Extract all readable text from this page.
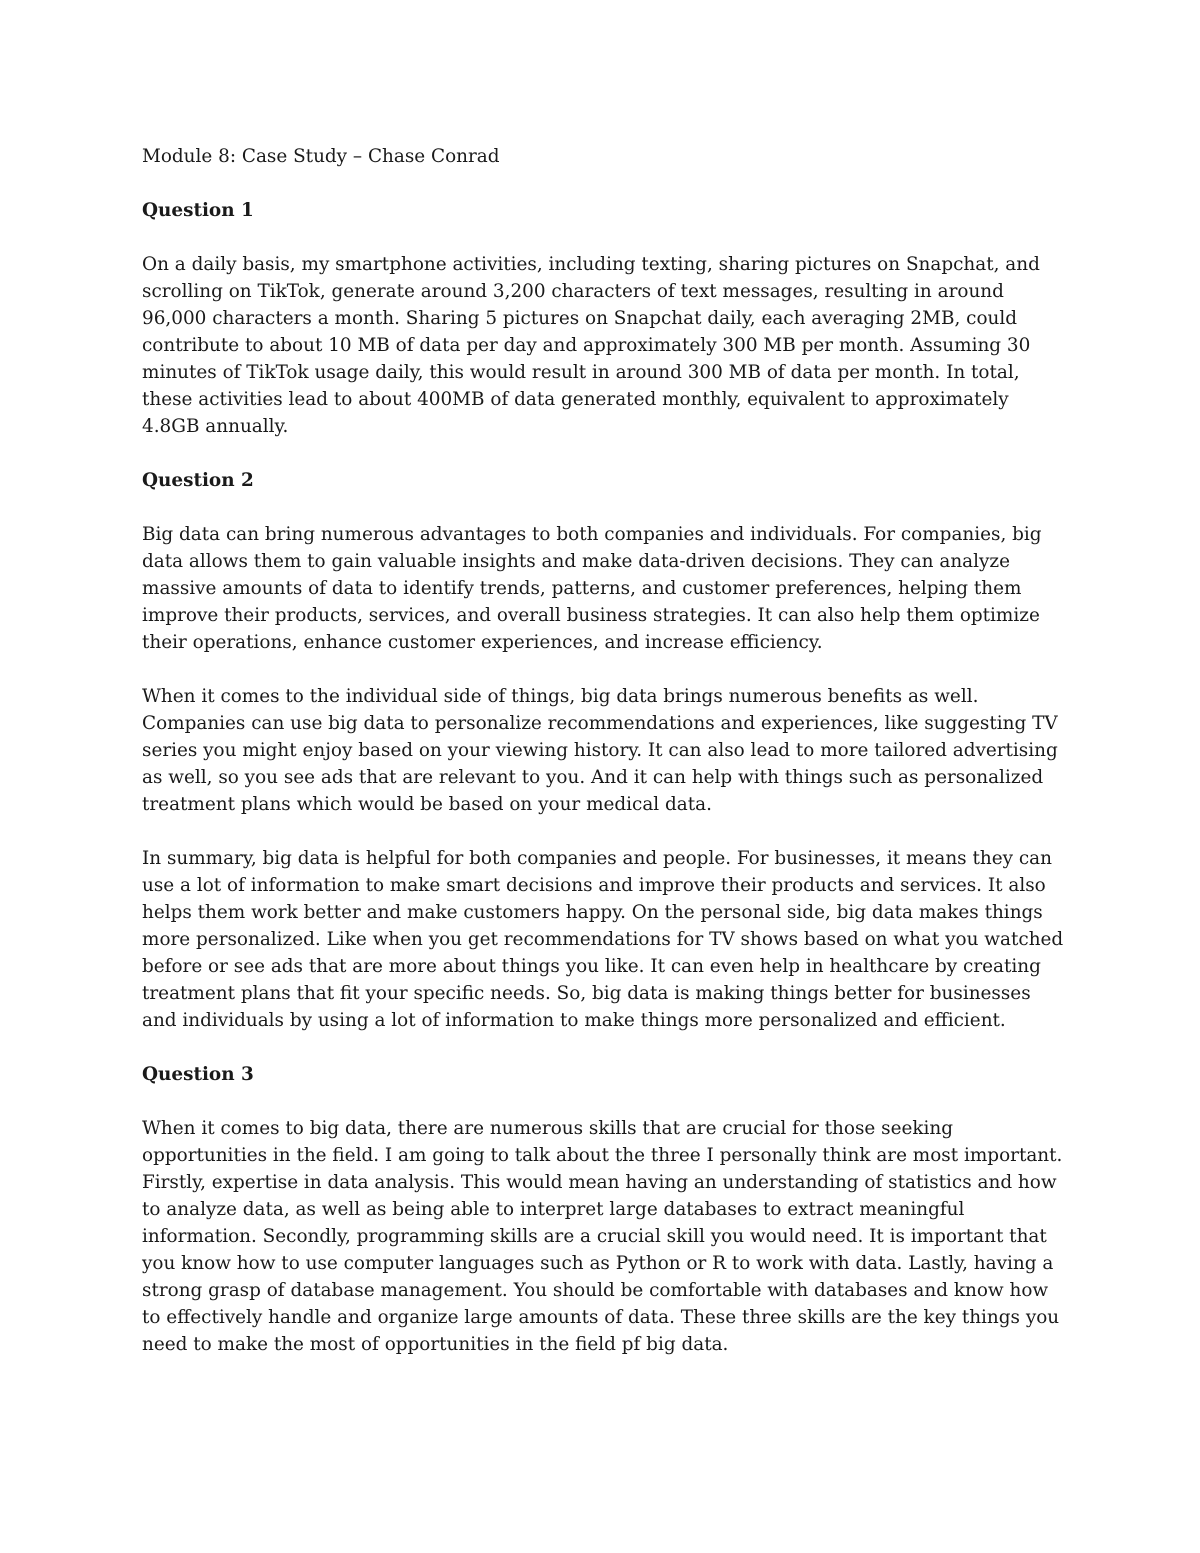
Module 8: Case Study – Chase Conrad

Question 1

On a daily basis, my smartphone activities, including texting, sharing pictures on Snapchat, and scrolling on TikTok, generate around 3,200 characters of text messages, resulting in around 96,000 characters a month. Sharing 5 pictures on Snapchat daily, each averaging 2MB, could contribute to about 10 MB of data per day and approximately 300 MB per month. Assuming 30 minutes of TikTok usage daily, this would result in around 300 MB of data per month. In total, these activities lead to about 400MB of data generated monthly, equivalent to approximately 4.8GB annually.

Question 2

Big data can bring numerous advantages to both companies and individuals. For companies, big data allows them to gain valuable insights and make data-driven decisions. They can analyze massive amounts of data to identify trends, patterns, and customer preferences, helping them improve their products, services, and overall business strategies. It can also help them optimize their operations, enhance customer experiences, and increase efficiency.

When it comes to the individual side of things, big data brings numerous benefits as well. Companies can use big data to personalize recommendations and experiences, like suggesting TV series you might enjoy based on your viewing history. It can also lead to more tailored advertising as well, so you see ads that are relevant to you. And it can help with things such as personalized treatment plans which would be based on your medical data.

In summary, big data is helpful for both companies and people. For businesses, it means they can use a lot of information to make smart decisions and improve their products and services. It also helps them work better and make customers happy. On the personal side, big data makes things more personalized. Like when you get recommendations for TV shows based on what you watched before or see ads that are more about things you like. It can even help in healthcare by creating treatment plans that fit your specific needs. So, big data is making things better for businesses and individuals by using a lot of information to make things more personalized and efficient.

Question 3

When it comes to big data, there are numerous skills that are crucial for those seeking opportunities in the field. I am going to talk about the three I personally think are most important. Firstly, expertise in data analysis. This would mean having an understanding of statistics and how to analyze data, as well as being able to interpret large databases to extract meaningful information. Secondly, programming skills are a crucial skill you would need. It is important that you know how to use computer languages such as Python or R to work with data. Lastly, having a strong grasp of database management. You should be comfortable with databases and know how to effectively handle and organize large amounts of data. These three skills are the key things you need to make the most of opportunities in the field pf big data.
